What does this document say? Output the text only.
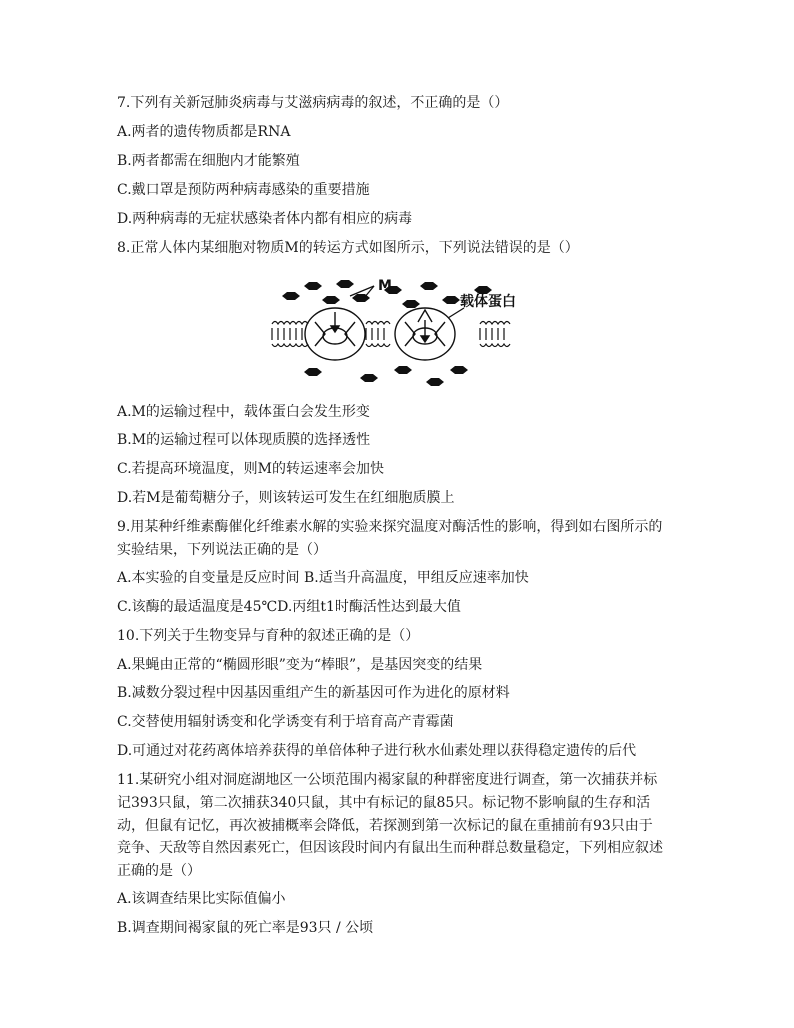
7.下列有关新冠肺炎病毒与艾滋病病毒的叙述，不正确的是（）
A.两者的遗传物质都是RNA
B.两者都需在细胞内才能繁殖
C.戴口罩是预防两种病毒感染的重要措施
D.两种病毒的无症状感染者体内都有相应的病毒
8.正常人体内某细胞对物质M的转运方式如图所示，下列说法错误的是（）
M
载体蛋白
A.M的运输过程中，载体蛋白会发生形变
B.M的运输过程可以体现质膜的选择透性
C.若提高环境温度，则M的转运速率会加快
D.若M是葡萄糖分子，则该转运可发生在红细胞质膜上
9.用某种纤维素酶催化纤维素水解的实验来探究温度对酶活性的影响，得到如右图所示的
实验结果，下列说法正确的是（）
A.本实验的自变量是反应时间 B.适当升高温度，甲组反应速率加快
C.该酶的最适温度是45℃D.丙组t1时酶活性达到最大值
10.下列关于生物变异与育种的叙述正确的是（）
A.果蝇由正常的“椭圆形眼”变为“棒眼”，是基因突变的结果
B.减数分裂过程中因基因重组产生的新基因可作为进化的原材料
C.交替使用辐射诱变和化学诱变有利于培育高产青霉菌
D.可通过对花药离体培养获得的单倍体种子进行秋水仙素处理以获得稳定遗传的后代
11.某研究小组对洞庭湖地区一公顷范围内褐家鼠的种群密度进行调查，第一次捕获并标
记393只鼠，第二次捕获340只鼠，其中有标记的鼠85只。标记物不影响鼠的生存和活
动，但鼠有记忆，再次被捕概率会降低，若探测到第一次标记的鼠在重捕前有93只由于
竞争、天敌等自然因素死亡，但因该段时间内有鼠出生而种群总数量稳定，下列相应叙述
正确的是（）
A.该调查结果比实际值偏小
B.调查期间褐家鼠的死亡率是93只 / 公顷
